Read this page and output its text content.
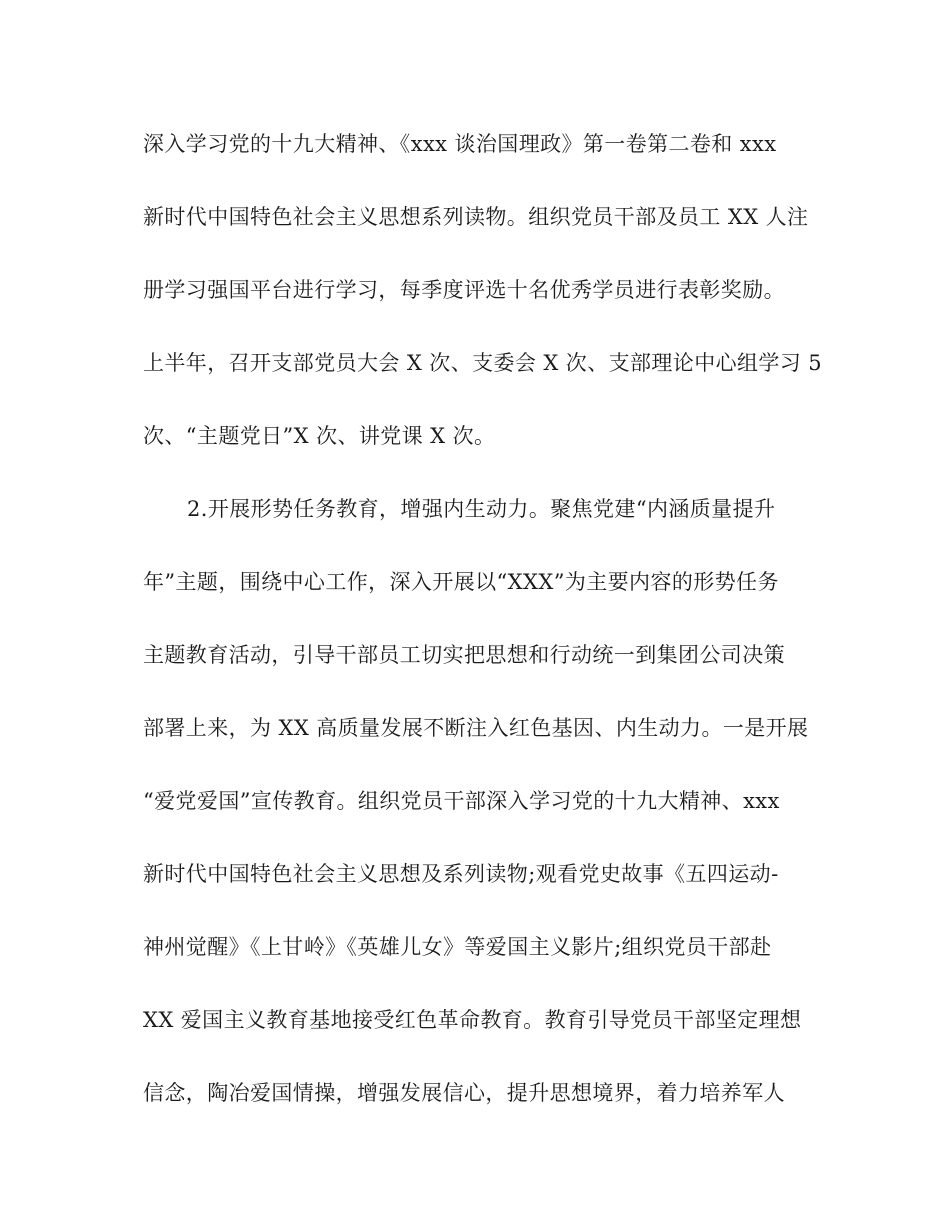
深入学习党的十九大精神、《xxx 谈治国理政》第一卷第二卷和 xxx
新时代中国特色社会主义思想系列读物。组织党员干部及员工 XX 人注
册学习强国平台进行学习，每季度评选十名优秀学员进行表彰奖励。
上半年，召开支部党员大会 X 次、支委会 X 次、支部理论中心组学习 5
次、“主题党日”X 次、讲党课 X 次。
2.开展形势任务教育，增强内生动力。聚焦党建“内涵质量提升
年”主题，围绕中心工作，深入开展以“XXX”为主要内容的形势任务
主题教育活动，引导干部员工切实把思想和行动统一到集团公司决策
部署上来，为 XX 高质量发展不断注入红色基因、内生动力。一是开展
“爱党爱国”宣传教育。组织党员干部深入学习党的十九大精神、xxx
新时代中国特色社会主义思想及系列读物;观看党史故事《五四运动-
神州觉醒》《上甘岭》《英雄儿女》等爱国主义影片;组织党员干部赴
XX 爱国主义教育基地接受红色革命教育。教育引导党员干部坚定理想
信念，陶冶爱国情操，增强发展信心，提升思想境界，着力培养军人
